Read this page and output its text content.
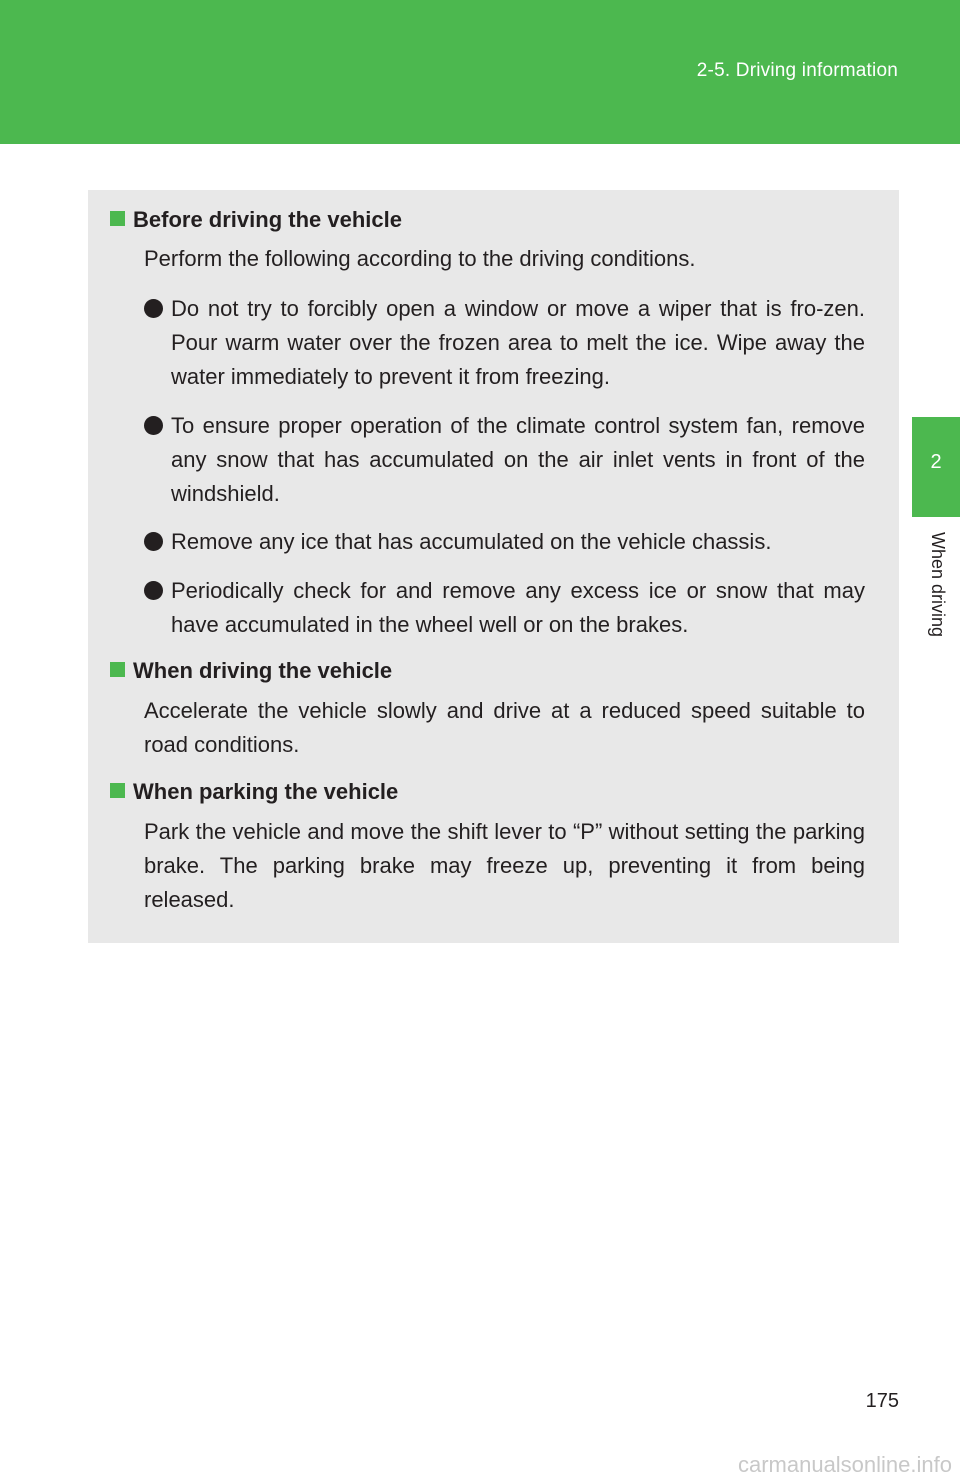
2-5. Driving information
2
When driving
Before driving the vehicle
Perform the following according to the driving conditions.
Do not try to forcibly open a window or move a wiper that is fro-zen. Pour warm water over the frozen area to melt the ice. Wipe away the water immediately to prevent it from freezing.
To ensure proper operation of the climate control system fan, remove any snow that has accumulated on the air inlet vents in front of the windshield.
Remove any ice that has accumulated on the vehicle chassis.
Periodically check for and remove any excess ice or snow that may have accumulated in the wheel well or on the brakes.
When driving the vehicle
Accelerate the vehicle slowly and drive at a reduced speed suitable to road conditions.
When parking the vehicle
Park the vehicle and move the shift lever to “P” without setting the parking brake. The parking brake may freeze up, preventing it from being released.
175
carmanualsonline.info
